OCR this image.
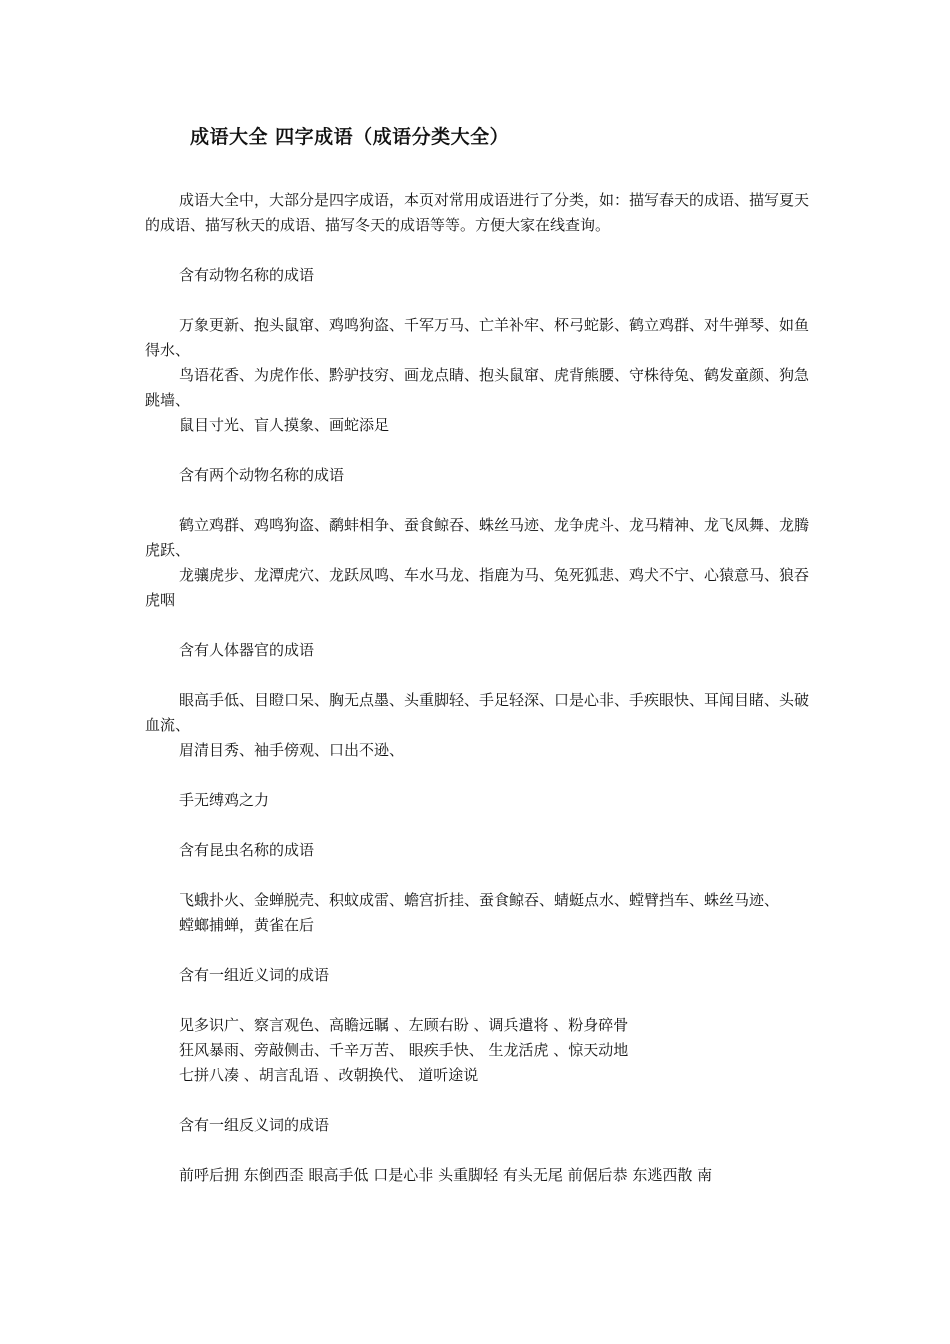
成语大全 四字成语（成语分类大全）

成语大全中，大部分是四字成语，本页对常用成语进行了分类，如：描写春天的成语、描写夏天的成语、描写秋天的成语、描写冬天的成语等等。方便大家在线查询。

含有动物名称的成语

万象更新、抱头鼠窜、鸡鸣狗盗、千军万马、亡羊补牢、杯弓蛇影、鹤立鸡群、对牛弹琴、如鱼得水、

鸟语花香、为虎作伥、黔驴技穷、画龙点睛、抱头鼠窜、虎背熊腰、守株待兔、鹤发童颜、狗急跳墙、

鼠目寸光、盲人摸象、画蛇添足

含有两个动物名称的成语

鹤立鸡群、鸡鸣狗盗、鹬蚌相争、蚕食鲸吞、蛛丝马迹、龙争虎斗、龙马精神、龙飞凤舞、龙腾虎跃、

龙骧虎步、龙潭虎穴、龙跃凤鸣、车水马龙、指鹿为马、兔死狐悲、鸡犬不宁、心猿意马、狼吞虎咽

含有人体器官的成语

眼高手低、目瞪口呆、胸无点墨、头重脚轻、手足轻深、口是心非、手疾眼快、耳闻目睹、头破血流、

眉清目秀、袖手傍观、口出不逊、

手无缚鸡之力

含有昆虫名称的成语

飞蛾扑火、金蝉脱壳、积蚊成雷、蟾宫折挂、蚕食鲸吞、蜻蜓点水、螳臂挡车、蛛丝马迹、

螳螂捕蝉，黄雀在后

含有一组近义词的成语

见多识广、察言观色、高瞻远瞩 、左顾右盼 、调兵遣将 、粉身碎骨

狂风暴雨、旁敲侧击、千辛万苦、 眼疾手快、 生龙活虎 、惊天动地

七拼八凑 、胡言乱语 、改朝换代、 道听途说

含有一组反义词的成语

前呼后拥 东倒西歪 眼高手低 口是心非 头重脚轻 有头无尾 前倨后恭 东逃西散 南
